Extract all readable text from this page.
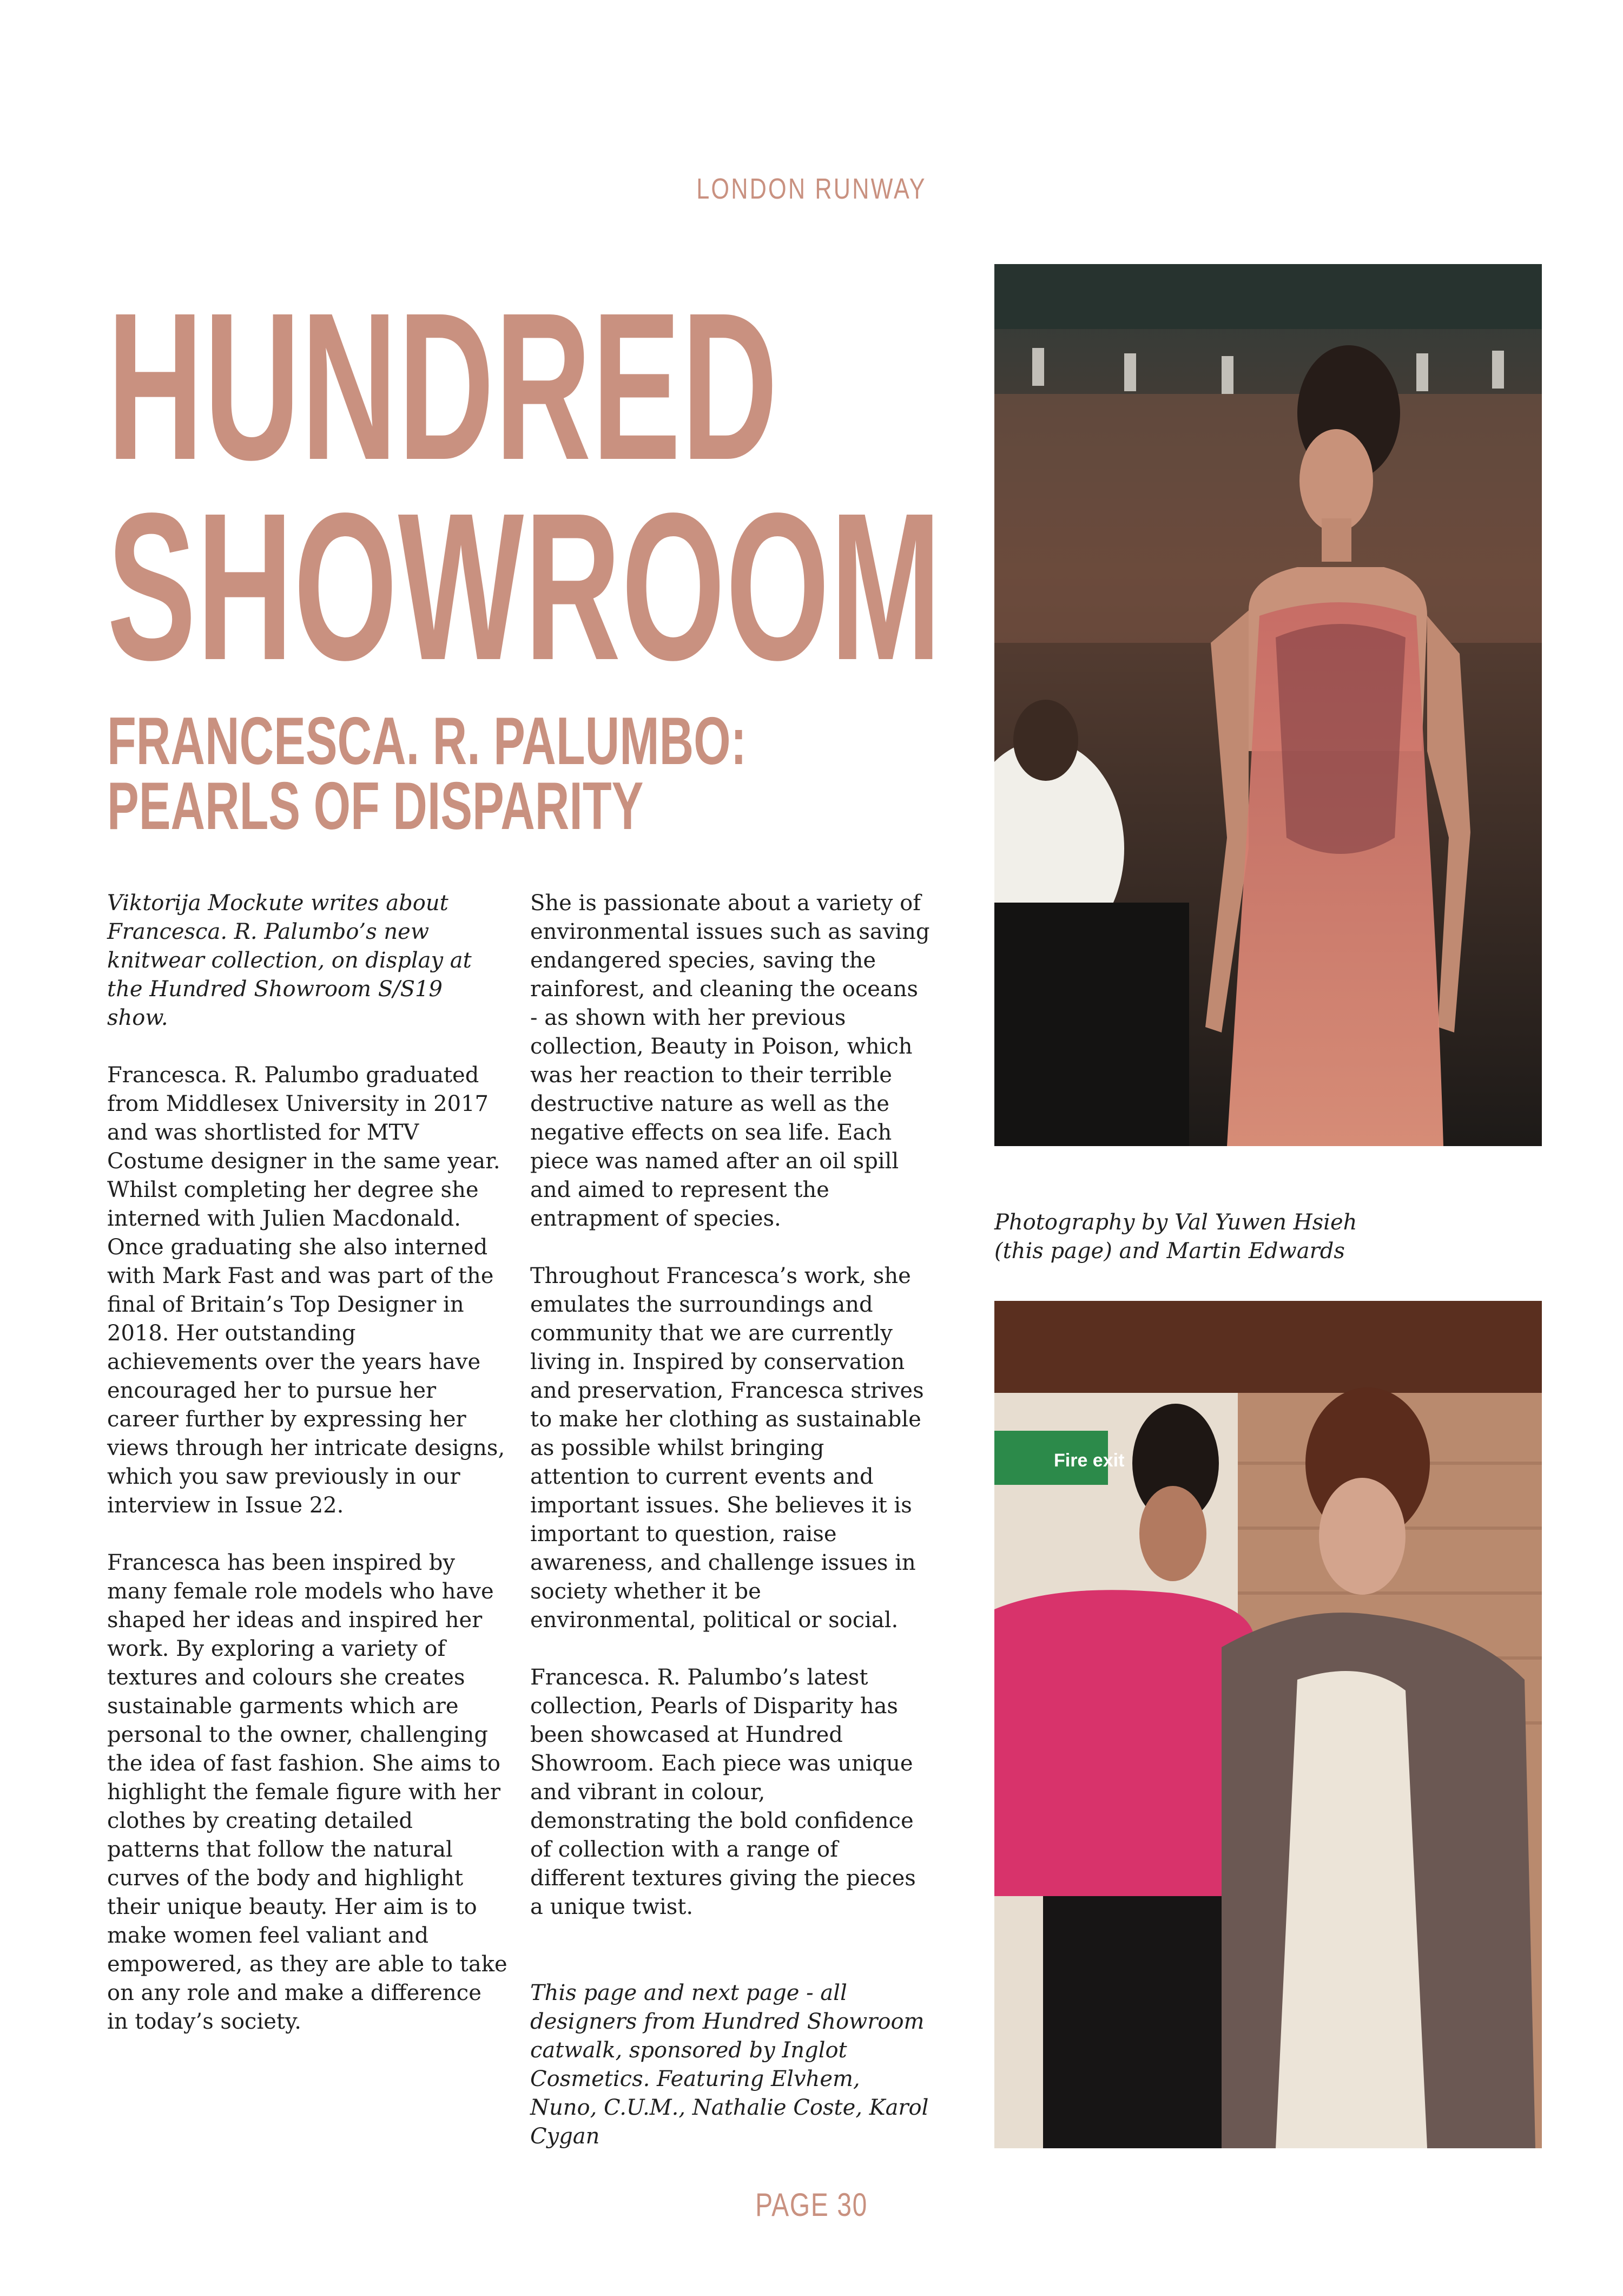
LONDON RUNWAY
HUNDRED
SHOWROOM
FRANCESCA. R. PALUMBO:
PEARLS OF DISPARITY

Viktorija Mockute writes about Francesca. R. Palumbo’s new knitwear collection, on display at the Hundred Showroom S/S19 show.

Francesca. R. Palumbo graduated from Middlesex University in 2017 and was shortlisted for MTV Costume designer in the same year. Whilst completing her degree she interned with Julien Macdonald. Once graduating she also interned with Mark Fast and was part of the final of Britain’s Top Designer in 2018. Her outstanding achievements over the years have encouraged her to pursue her career further by expressing her views through her intricate designs, which you saw previously in our interview in Issue 22.

Francesca has been inspired by many female role models who have shaped her ideas and inspired her work. By exploring a variety of textures and colours she creates sustainable garments which are personal to the owner, challenging the idea of fast fashion. She aims to highlight the female figure with her clothes by creating detailed patterns that follow the natural curves of the body and highlight their unique beauty. Her aim is to make women feel valiant and empowered, as they are able to take on any role and make a difference in today’s society.

She is passionate about a variety of environmental issues such as saving endangered species, saving the rainforest, and cleaning the oceans - as shown with her previous collection, Beauty in Poison, which was her reaction to their terrible destructive nature as well as the negative effects on sea life. Each piece was named after an oil spill and aimed to represent the entrapment of species.

Throughout Francesca’s work, she emulates the surroundings and community that we are currently living in. Inspired by conservation and preservation, Francesca strives to make her clothing as sustainable as possible whilst bringing attention to current events and important issues. She believes it is important to question, raise awareness, and challenge issues in society whether it be environmental, political or social.

Francesca. R. Palumbo’s latest collection, Pearls of Disparity has been showcased at Hundred Showroom. Each piece was unique and vibrant in colour, demonstrating the bold confidence of collection with a range of different textures giving the pieces a unique twist.

This page and next page - all designers from Hundred Showroom catwalk, sponsored by Inglot Cosmetics. Featuring Elvhem, Nuno, C.U.M., Nathalie Coste, Karol Cygan

Photography by Val Yuwen Hsieh
(this page) and Martin Edwards
Fire exit
PAGE 30
